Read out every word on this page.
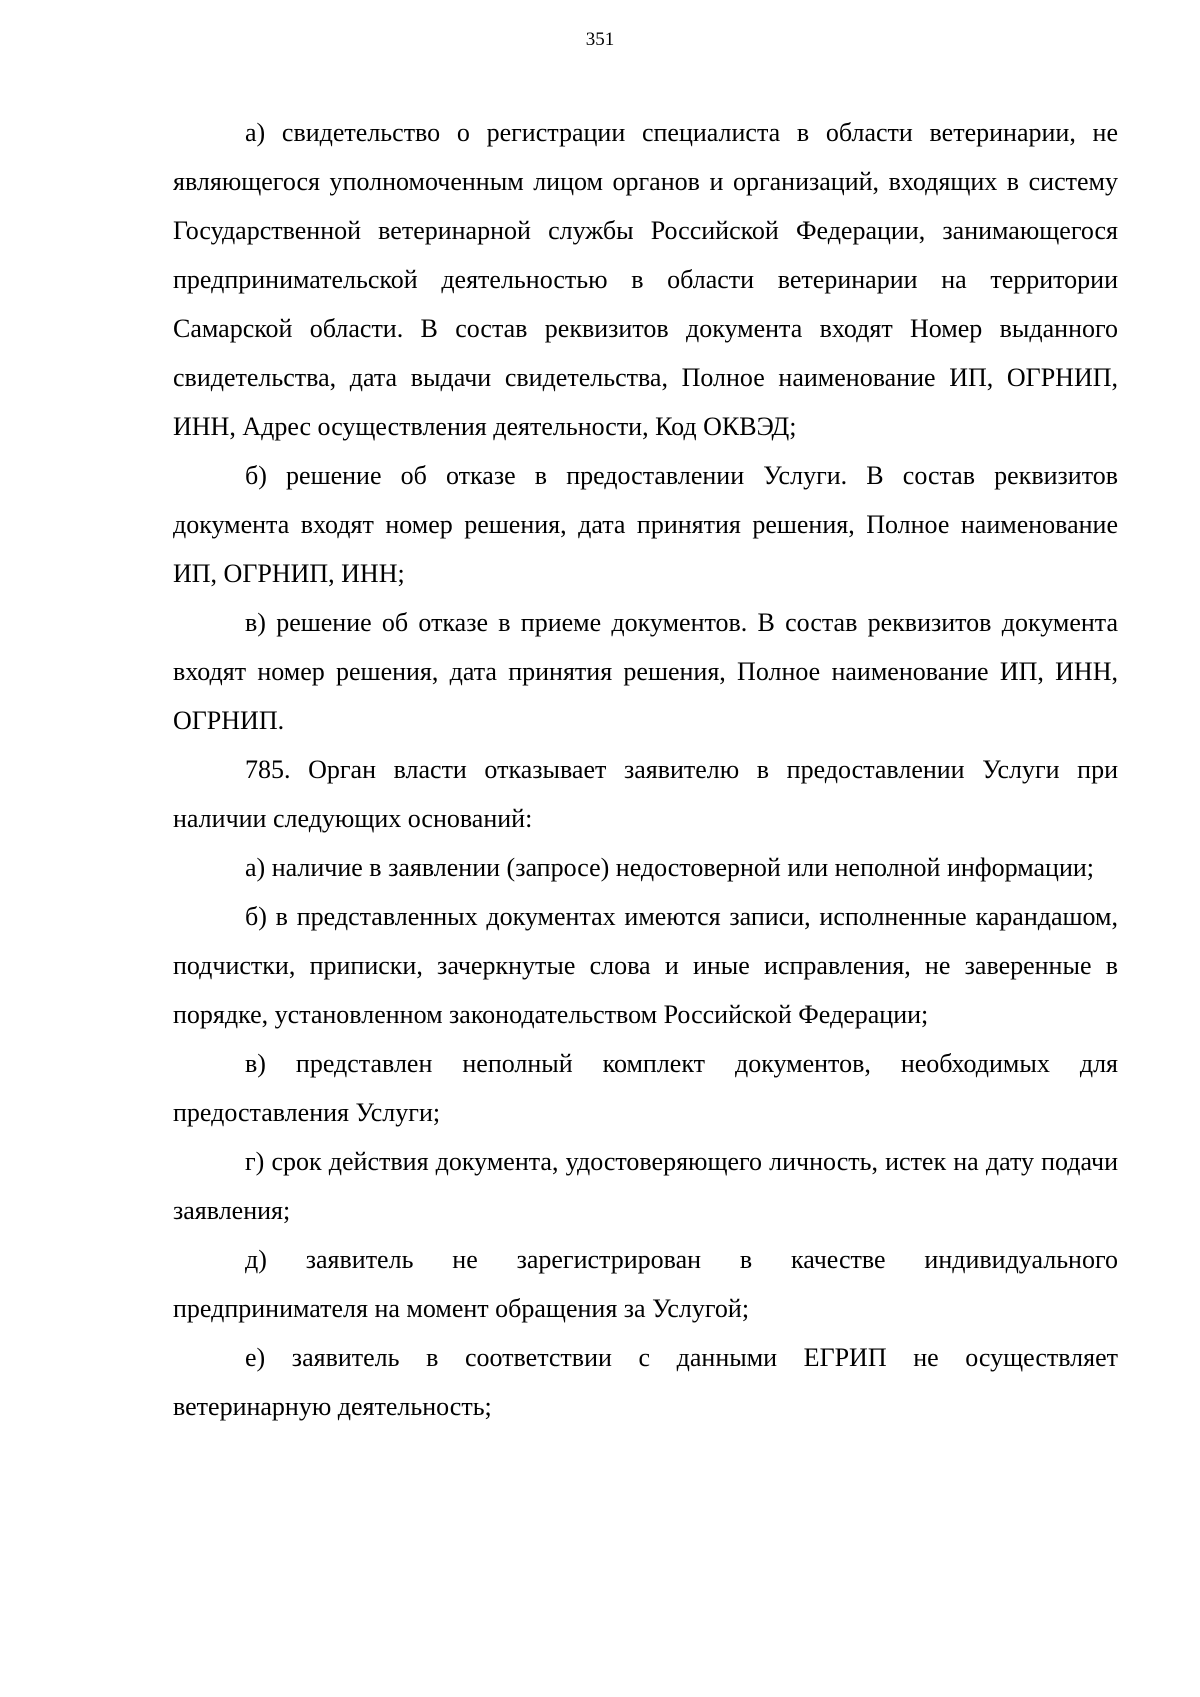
351

а) свидетельство о регистрации специалиста в области ветеринарии, не являющегося уполномоченным лицом органов и организаций, входящих в систему Государственной ветеринарной службы Российской Федерации, занимающегося предпринимательской деятельностью в области ветеринарии на территории Самарской области. В состав реквизитов документа входят Номер выданного свидетельства, дата выдачи свидетельства, Полное наименование ИП, ОГРНИП, ИНН, Адрес осуществления деятельности, Код ОКВЭД;

б) решение об отказе в предоставлении Услуги. В состав реквизитов документа входят номер решения, дата принятия решения, Полное наименование ИП, ОГРНИП, ИНН;

в) решение об отказе в приеме документов. В состав реквизитов документа входят номер решения, дата принятия решения, Полное наименование ИП, ИНН, ОГРНИП.

785. Орган власти отказывает заявителю в предоставлении Услуги при наличии следующих оснований:

а) наличие в заявлении (запросе) недостоверной или неполной информации;

б) в представленных документах имеются записи, исполненные карандашом, подчистки, приписки, зачеркнутые слова и иные исправления, не заверенные в порядке, установленном законодательством Российской Федерации;

в) представлен неполный комплект документов, необходимых для предоставления Услуги;

г) срок действия документа, удостоверяющего личность, истек на дату подачи заявления;

д) заявитель не зарегистрирован в качестве индивидуального предпринимателя на момент обращения за Услугой;

е) заявитель в соответствии с данными ЕГРИП не осуществляет ветеринарную деятельность;
